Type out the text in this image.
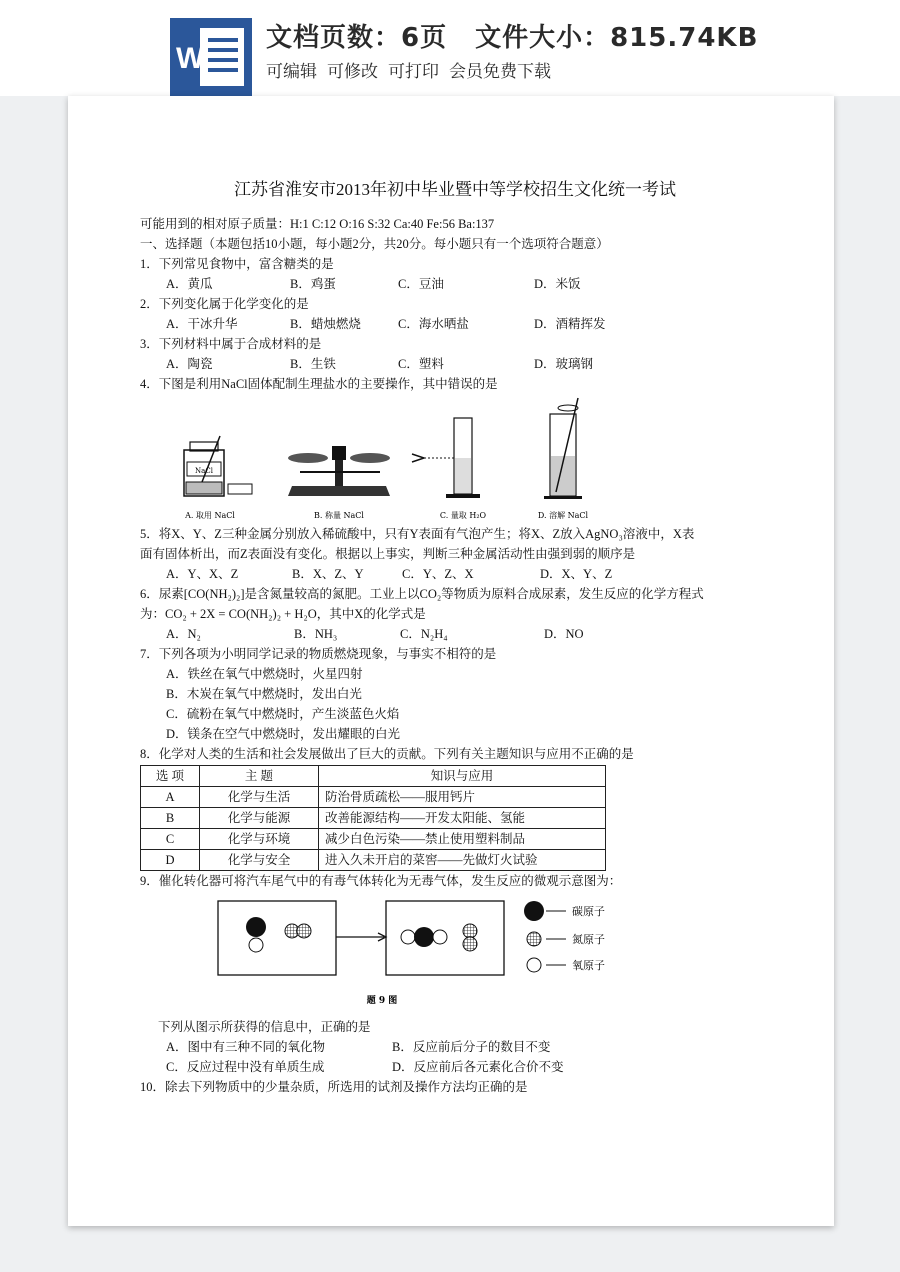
W
文档页数：6页 文件大小：815.74KB
可编辑 可修改 可打印 会员免费下载

江苏省淮安市2013年初中毕业暨中等学校招生文化统一考试

可能用到的相对原子质量：H:1 C:12 O:16 S:32 Ca:40 Fe:56 Ba:137

一、选择题（本题包括10小题，每小题2分，共20分。每小题只有一个选项符合题意）

1．下列常见食物中，富含糖类的是

A．黄瓜	B．鸡蛋	C．豆油	D．米饭

2．下列变化属于化学变化的是

A．干冰升华	B．蜡烛燃烧	C．海水晒盐	D．酒精挥发

3．下列材料中属于合成材料的是

A．陶瓷	B．生铁	C．塑料	D．玻璃钢

4．下图是利用NaCl固体配制生理盐水的主要操作，其中错误的是

NaCl
A. 取用 NaCl	B. 称量 NaCl	C. 量取 H₂O	D. 溶解 NaCl

5．将X、Y、Z三种金属分别放入稀硫酸中，只有Y表面有气泡产生；将X、Z放入AgNO₃溶液中，X表

面有固体析出，而Z表面没有变化。根据以上事实，判断三种金属活动性由强到弱的顺序是

A．Y、X、Z	B．X、Z、Y	C．Y、Z、X	D．X、Y、Z

6．尿素[CO(NH₂)₂]是含氮量较高的氮肥。工业上以CO₂等物质为原料合成尿素，发生反应的化学方程式

为：CO₂ + 2X = CO(NH₂)₂ + H₂O，其中X的化学式是

A．N₂	B．NH₃	C．N₂H₄	D．NO

7．下列各项为小明同学记录的物质燃烧现象，与事实不相符的是

A．铁丝在氧气中燃烧时，火星四射

B．木炭在氧气中燃烧时，发出白光

C．硫粉在氧气中燃烧时，产生淡蓝色火焰

D．镁条在空气中燃烧时，发出耀眼的白光

8．化学对人类的生活和社会发展做出了巨大的贡献。下列有关主题知识与应用不正确的是

选 项	主 题	知识与应用
A	化学与生活	防治骨质疏松——服用钙片
B	化学与能源	改善能源结构——开发太阳能、氢能
C	化学与环境	减少白色污染——禁止使用塑料制品
D	化学与安全	进入久未开启的菜窖——先做灯火试验

9．催化转化器可将汽车尾气中的有毒气体转化为无毒气体，发生反应的微观示意图为：

碳原子
氮原子
氧原子
题 9 图

下列从图示所获得的信息中，正确的是

A．图中有三种不同的氧化物	B．反应前后分子的数目不变
C．反应过程中没有单质生成	D．反应前后各元素化合价不变

10．除去下列物质中的少量杂质，所选用的试剂及操作方法均正确的是
